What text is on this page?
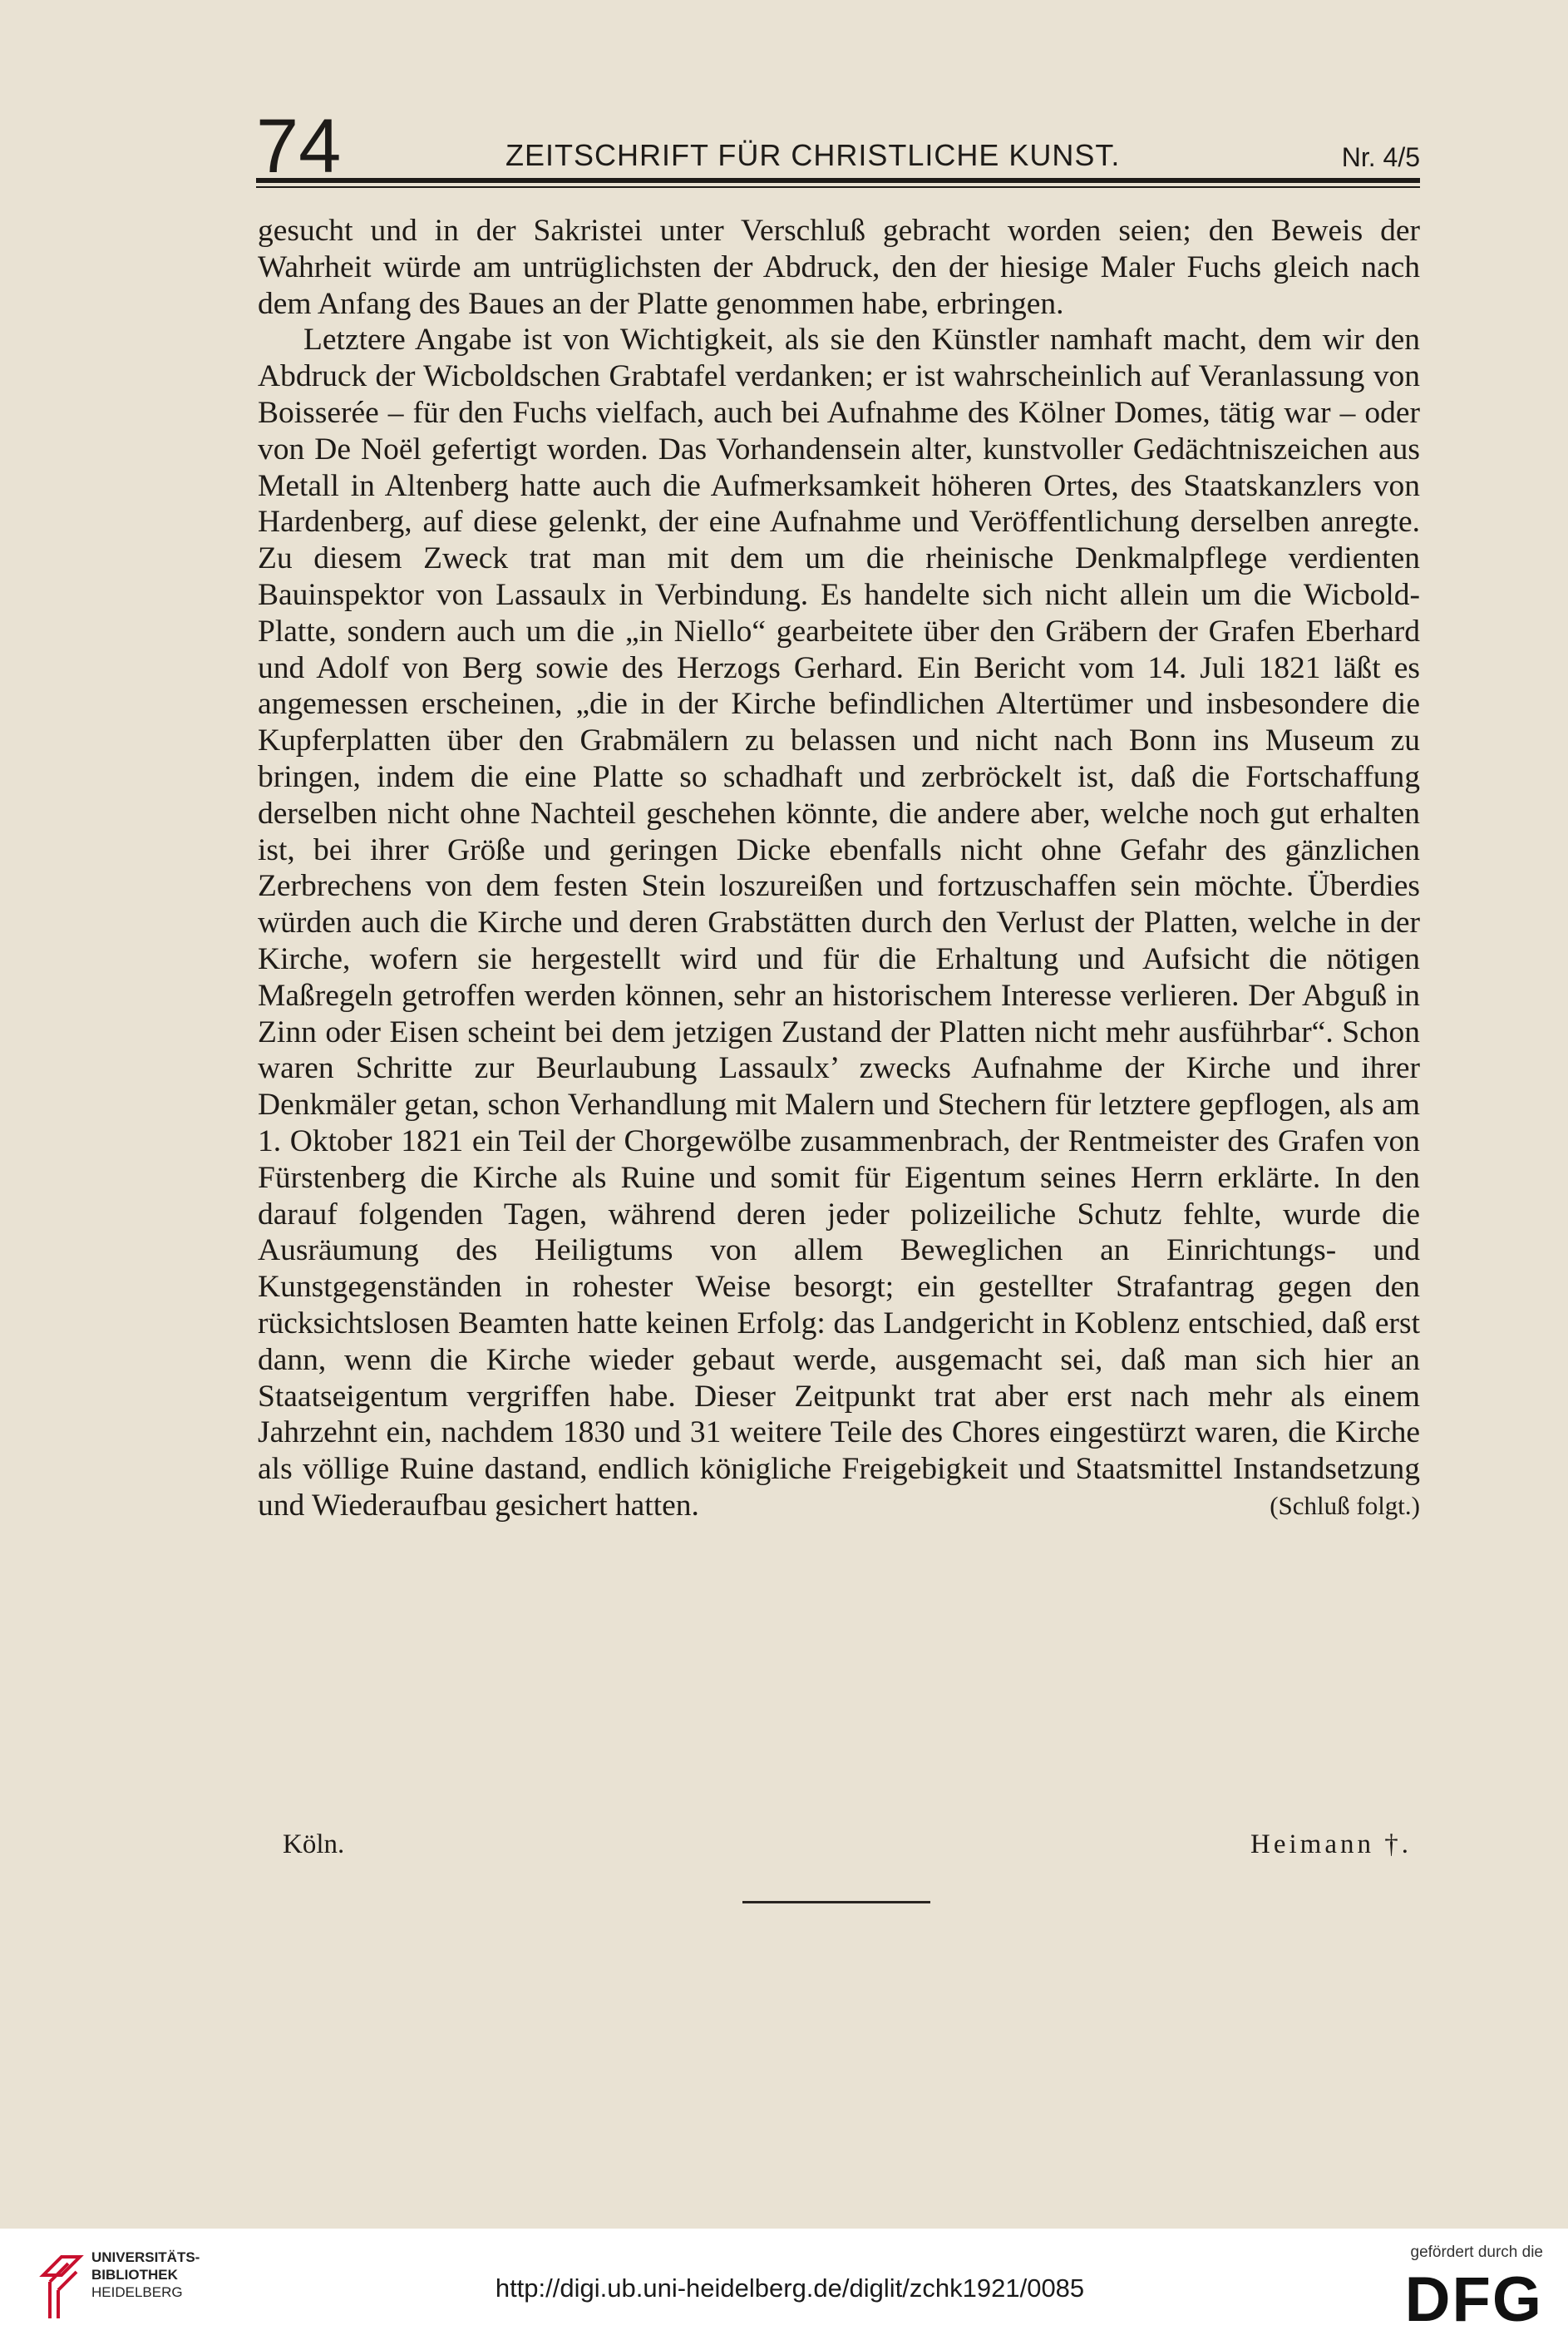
74	ZEITSCHRIFT FÜR CHRISTLICHE KUNST.	Nr. 4/5

gesucht und in der Sakristei unter Verschluß gebracht worden seien; den Beweis der Wahrheit würde am untrüglichsten der Abdruck, den der hiesige Maler Fuchs gleich nach dem Anfang des Baues an der Platte genommen habe, erbringen.

Letztere Angabe ist von Wichtigkeit, als sie den Künstler namhaft macht, dem wir den Abdruck der Wicboldschen Grabtafel verdanken; er ist wahrscheinlich auf Veranlassung von Boisserée – für den Fuchs vielfach, auch bei Aufnahme des Kölner Domes, tätig war – oder von De Noël gefertigt worden. Das Vorhandensein alter, kunstvoller Gedächtniszeichen aus Metall in Altenberg hatte auch die Aufmerksamkeit höheren Ortes, des Staatskanzlers von Hardenberg, auf diese gelenkt, der eine Aufnahme und Veröffentlichung derselben anregte. Zu diesem Zweck trat man mit dem um die rheinische Denkmalpflege verdienten Bauinspektor von Lassaulx in Verbindung. Es handelte sich nicht allein um die Wicbold-Platte, sondern auch um die „in Niello“ gearbeitete über den Gräbern der Grafen Eberhard und Adolf von Berg sowie des Herzogs Gerhard. Ein Bericht vom 14. Juli 1821 läßt es angemessen erscheinen, „die in der Kirche befindlichen Altertümer und insbesondere die Kupferplatten über den Grabmälern zu belassen und nicht nach Bonn ins Museum zu bringen, indem die eine Platte so schadhaft und zerbröckelt ist, daß die Fortschaffung derselben nicht ohne Nachteil geschehen könnte, die andere aber, welche noch gut erhalten ist, bei ihrer Größe und geringen Dicke ebenfalls nicht ohne Gefahr des gänzlichen Zerbrechens von dem festen Stein loszureißen und fortzuschaffen sein möchte. Überdies würden auch die Kirche und deren Grabstätten durch den Verlust der Platten, welche in der Kirche, wofern sie hergestellt wird und für die Erhaltung und Aufsicht die nötigen Maßregeln getroffen werden können, sehr an historischem Interesse verlieren. Der Abguß in Zinn oder Eisen scheint bei dem jetzigen Zustand der Platten nicht mehr ausführbar“. Schon waren Schritte zur Beurlaubung Lassaulx’ zwecks Aufnahme der Kirche und ihrer Denkmäler getan, schon Verhandlung mit Malern und Stechern für letztere gepflogen, als am 1. Oktober 1821 ein Teil der Chorgewölbe zusammenbrach, der Rentmeister des Grafen von Fürstenberg die Kirche als Ruine und somit für Eigentum seines Herrn erklärte. In den darauf folgenden Tagen, während deren jeder polizeiliche Schutz fehlte, wurde die Ausräumung des Heiligtums von allem Beweglichen an Einrichtungs- und Kunstgegenständen in rohester Weise besorgt; ein gestellter Strafantrag gegen den rücksichtslosen Beamten hatte keinen Erfolg: das Landgericht in Koblenz entschied, daß erst dann, wenn die Kirche wieder gebaut werde, ausgemacht sei, daß man sich hier an Staatseigentum vergriffen habe. Dieser Zeitpunkt trat aber erst nach mehr als einem Jahrzehnt ein, nachdem 1830 und 31 weitere Teile des Chores eingestürzt waren, die Kirche als völlige Ruine dastand, endlich königliche Freigebigkeit und Staatsmittel Instandsetzung und Wiederaufbau gesichert hatten.	(Schluß folgt.)

Köln.	Heimann †.
UNIVERSITÄTS-
BIBLIOTHEK
HEIDELBERG	http://digi.ub.uni-heidelberg.de/diglit/zchk1921/0085
gefördert durch die
DFG
